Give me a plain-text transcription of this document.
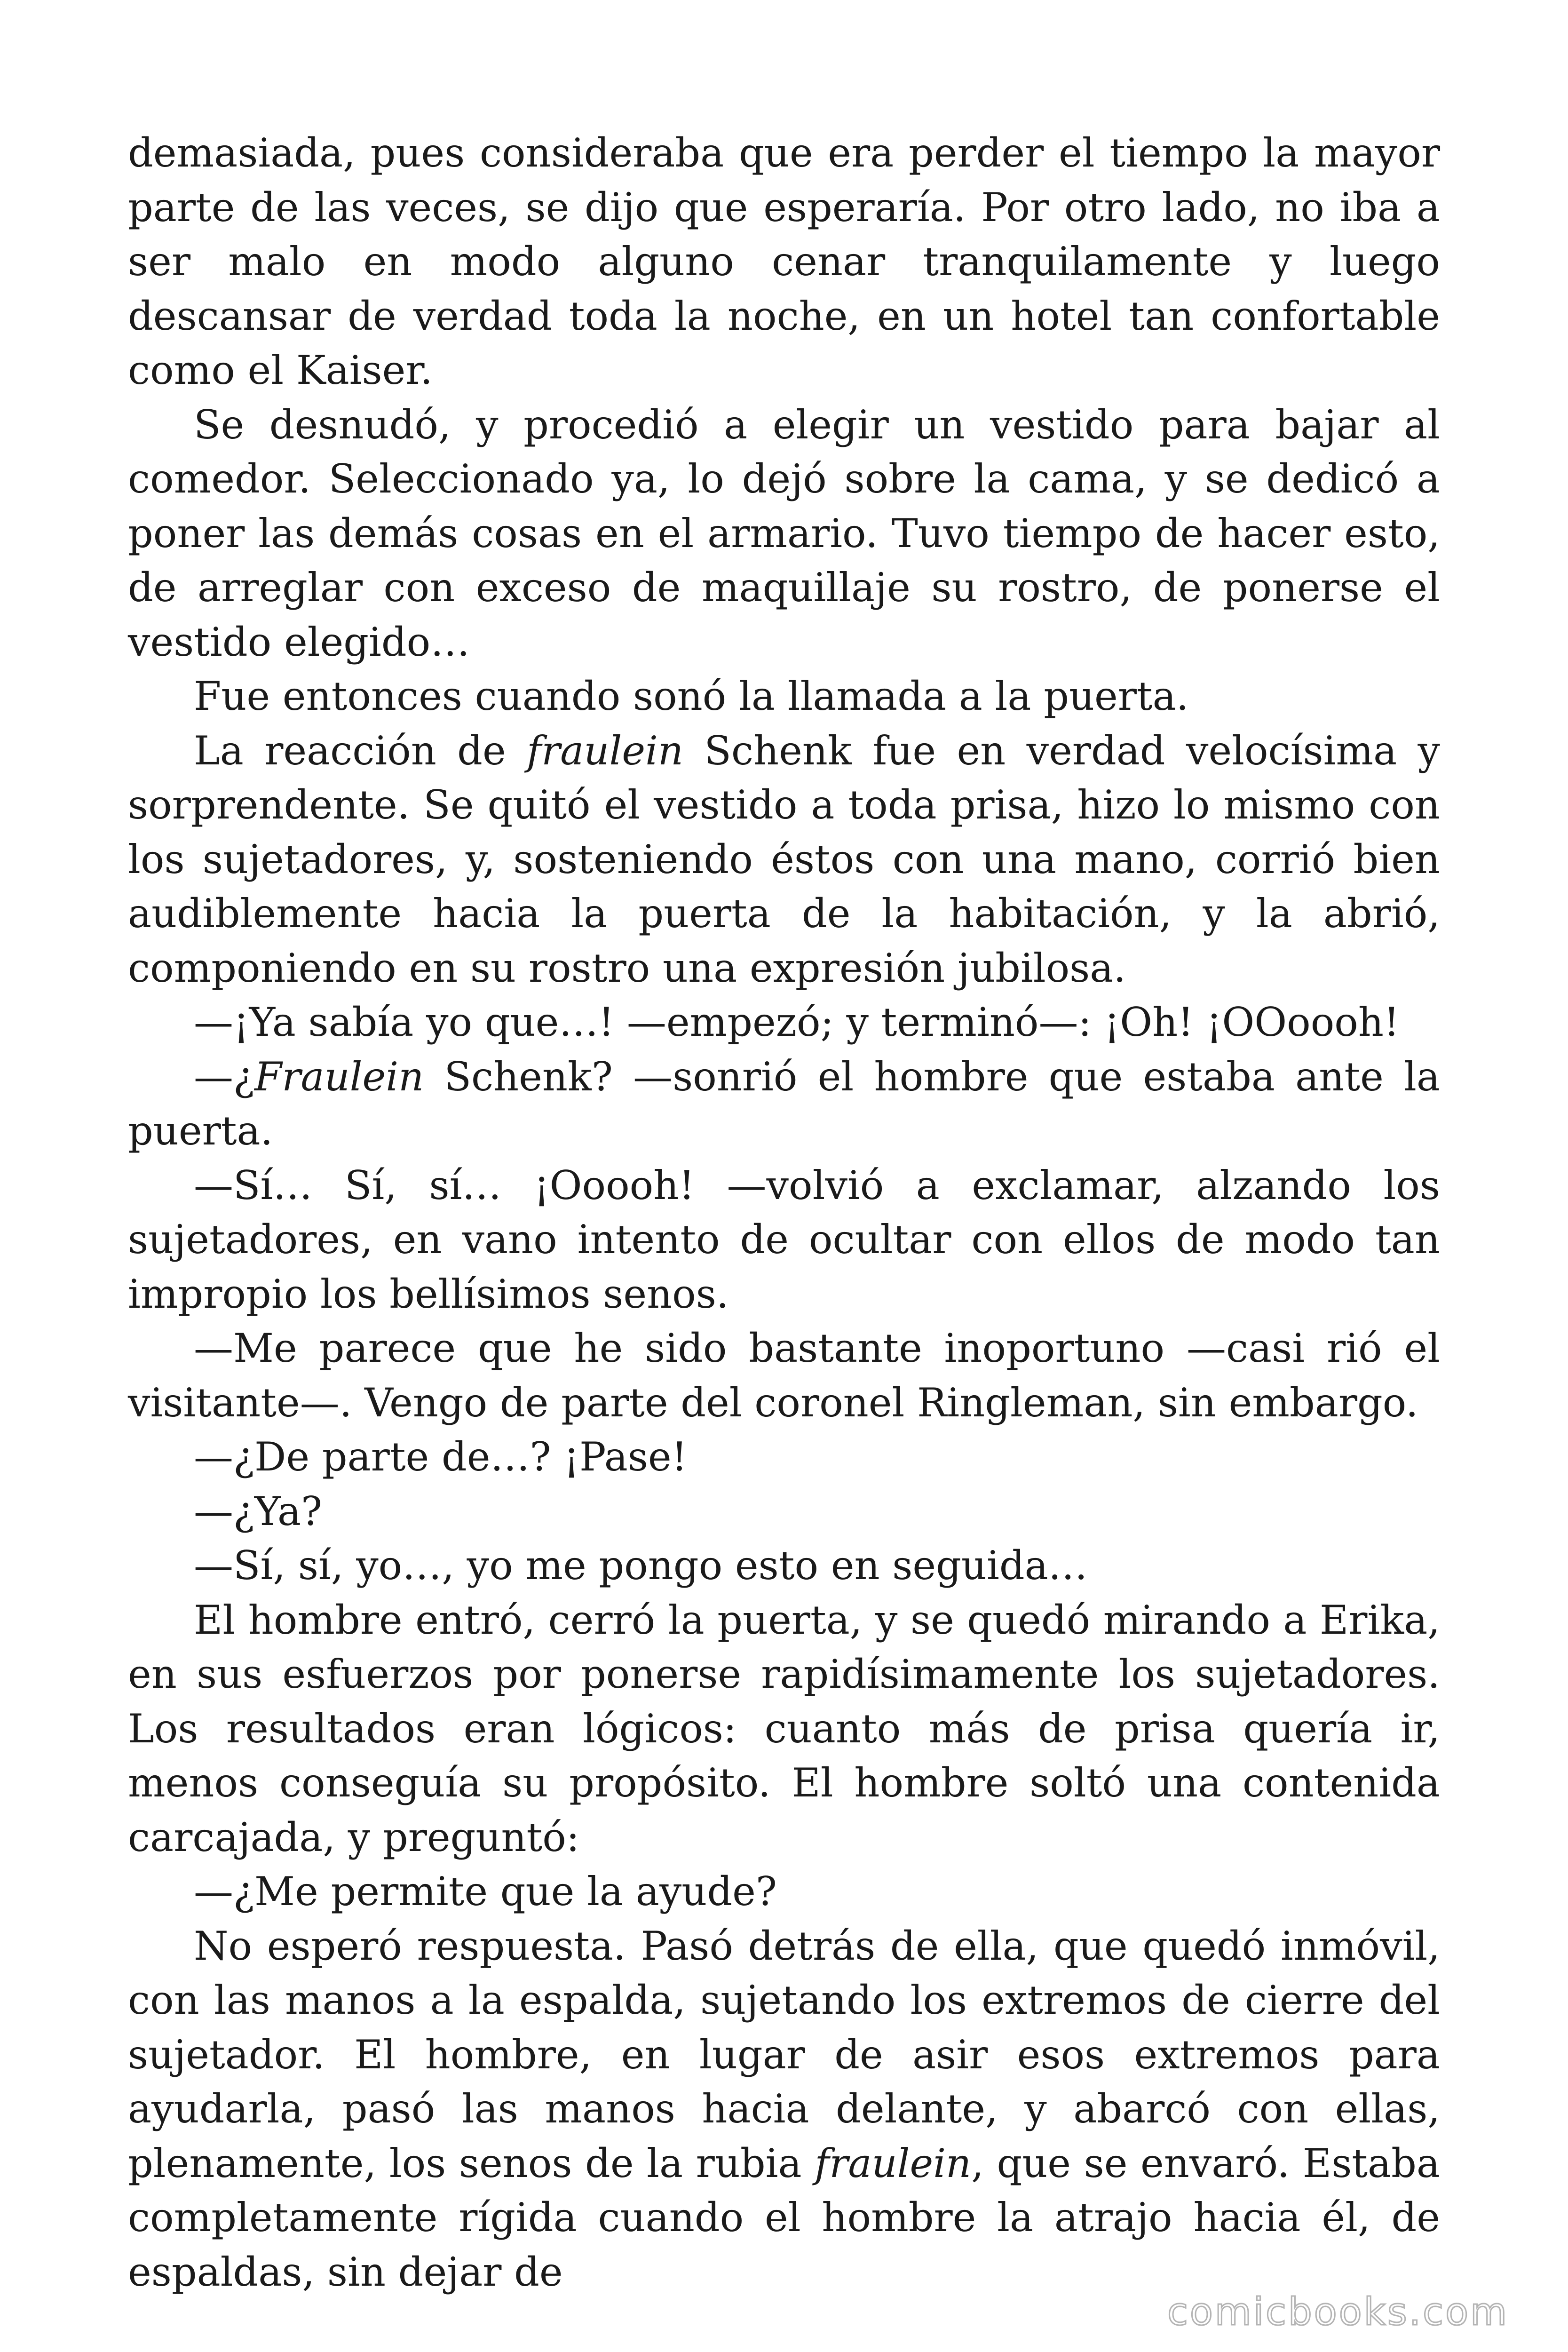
demasiada, pues consideraba que era perder el tiempo la mayor parte de las veces, se dijo que esperaría. Por otro lado, no iba a ser malo en modo alguno cenar tranquilamente y luego descansar de verdad toda la noche, en un hotel tan confortable como el Kaiser.

Se desnudó, y procedió a elegir un vestido para bajar al comedor. Seleccionado ya, lo dejó sobre la cama, y se dedicó a poner las demás cosas en el armario. Tuvo tiempo de hacer esto, de arreglar con exceso de maquillaje su rostro, de ponerse el vestido elegido…

Fue entonces cuando sonó la llamada a la puerta.

La reacción de fraulein Schenk fue en verdad velocísima y sorprendente. Se quitó el vestido a toda prisa, hizo lo mismo con los sujetadores, y, sosteniendo éstos con una mano, corrió bien audiblemente hacia la puerta de la habitación, y la abrió, componiendo en su rostro una expresión jubilosa.

—¡Ya sabía yo que…! —empezó; y terminó—: ¡Oh! ¡OOoooh!

—¿Fraulein Schenk? —sonrió el hombre que estaba ante la puerta.

—Sí… Sí, sí… ¡Ooooh! —volvió a exclamar, alzando los sujetadores, en vano intento de ocultar con ellos de modo tan impropio los bellísimos senos.

—Me parece que he sido bastante inoportuno —casi rió el visitante—. Vengo de parte del coronel Ringleman, sin embargo.

—¿De parte de…? ¡Pase!

—¿Ya?

—Sí, sí, yo…, yo me pongo esto en seguida…

El hombre entró, cerró la puerta, y se quedó mirando a Erika, en sus esfuerzos por ponerse rapidísimamente los sujetadores. Los resultados eran lógicos: cuanto más de prisa quería ir, menos conseguía su propósito. El hombre soltó una contenida carcajada, y preguntó:

—¿Me permite que la ayude?

No esperó respuesta. Pasó detrás de ella, que quedó inmóvil, con las manos a la espalda, sujetando los extremos de cierre del sujetador. El hombre, en lugar de asir esos extremos para ayudarla, pasó las manos hacia delante, y abarcó con ellas, plenamente, los senos de la rubia fraulein, que se envaró. Estaba completamente rígida cuando el hombre la atrajo hacia él, de espaldas, sin dejar de

comicbooks.com
